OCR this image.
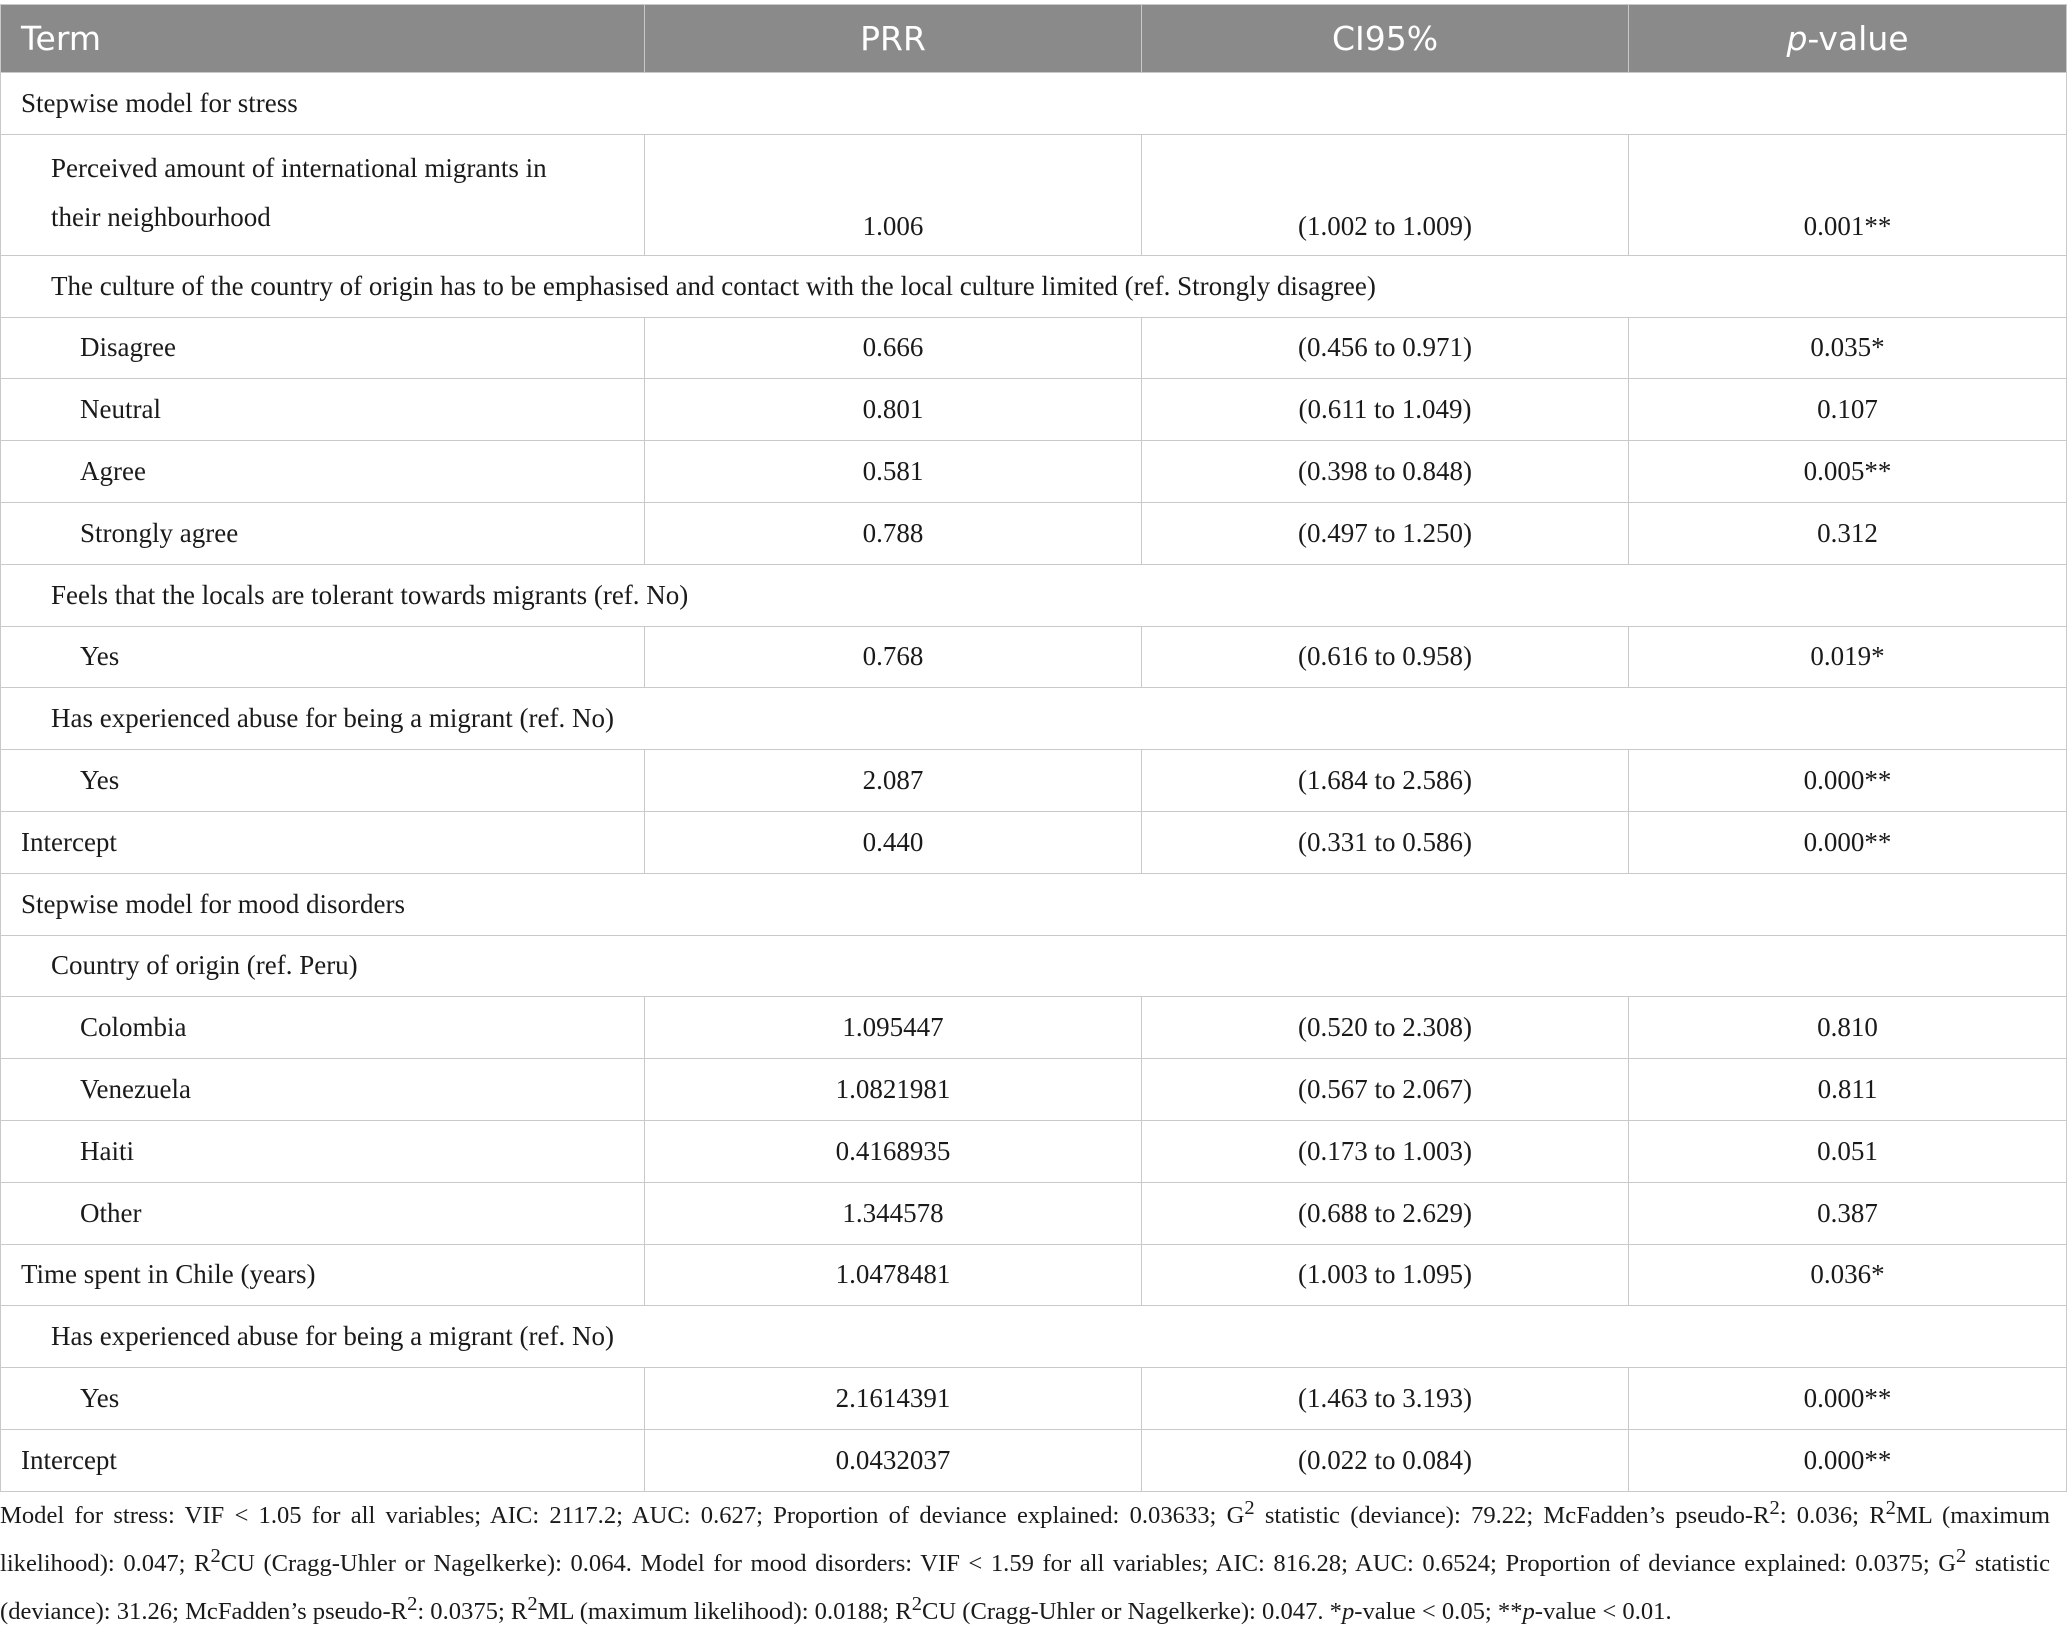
Term	PRR	CI95%	p-value
Stepwise model for stress			

Perceived amount of international migrants in
their neighbourhood	1.006	(1.002 to 1.009)	0.001**
The culture of the country of origin has to be emphasised and contact with the local culture limited (ref. Strongly disagree)			
Disagree	0.666	(0.456 to 0.971)	0.035*
Neutral	0.801	(0.611 to 1.049)	0.107
Agree	0.581	(0.398 to 0.848)	0.005**
Strongly agree	0.788	(0.497 to 1.250)	0.312
Feels that the locals are tolerant towards migrants (ref. No)			
Yes	0.768	(0.616 to 0.958)	0.019*
Has experienced abuse for being a migrant (ref. No)			
Yes	2.087	(1.684 to 2.586)	0.000**
Intercept	0.440	(0.331 to 0.586)	0.000**
Stepwise model for mood disorders			
Country of origin (ref. Peru)			
Colombia	1.095447	(0.520 to 2.308)	0.810
Venezuela	1.0821981	(0.567 to 2.067)	0.811
Haiti	0.4168935	(0.173 to 1.003)	0.051
Other	1.344578	(0.688 to 2.629)	0.387
Time spent in Chile (years)	1.0478481	(1.003 to 1.095)	0.036*
Has experienced abuse for being a migrant (ref. No)			
Yes	2.1614391	(1.463 to 3.193)	0.000**
Intercept	0.0432037	(0.022 to 0.084)	0.000**
Model for stress: VIF < 1.05 for all variables; AIC: 2117.2; AUC: 0.627; Proportion of deviance explained: 0.03633; $G^2$ statistic (deviance): 79.22; McFadden’s pseudo-$R^2$: 0.036; $R^2ML$ (maximum likelihood): 0.047; $R^2CU$ (Cragg-Uhler or Nagelkerke): 0.064. Model for mood disorders: VIF < 1.59 for all variables; AIC: 816.28; AUC: 0.6524; Proportion of deviance explained: 0.0375; $G^2$ statistic (deviance): 31.26; McFadden’s pseudo-$R^2$: 0.0375; $R^2ML$ (maximum likelihood): 0.0188; $R^2CU$ (Cragg-Uhler or Nagelkerke): 0.047. *p-value < 0.05; **p-value < 0.01.
